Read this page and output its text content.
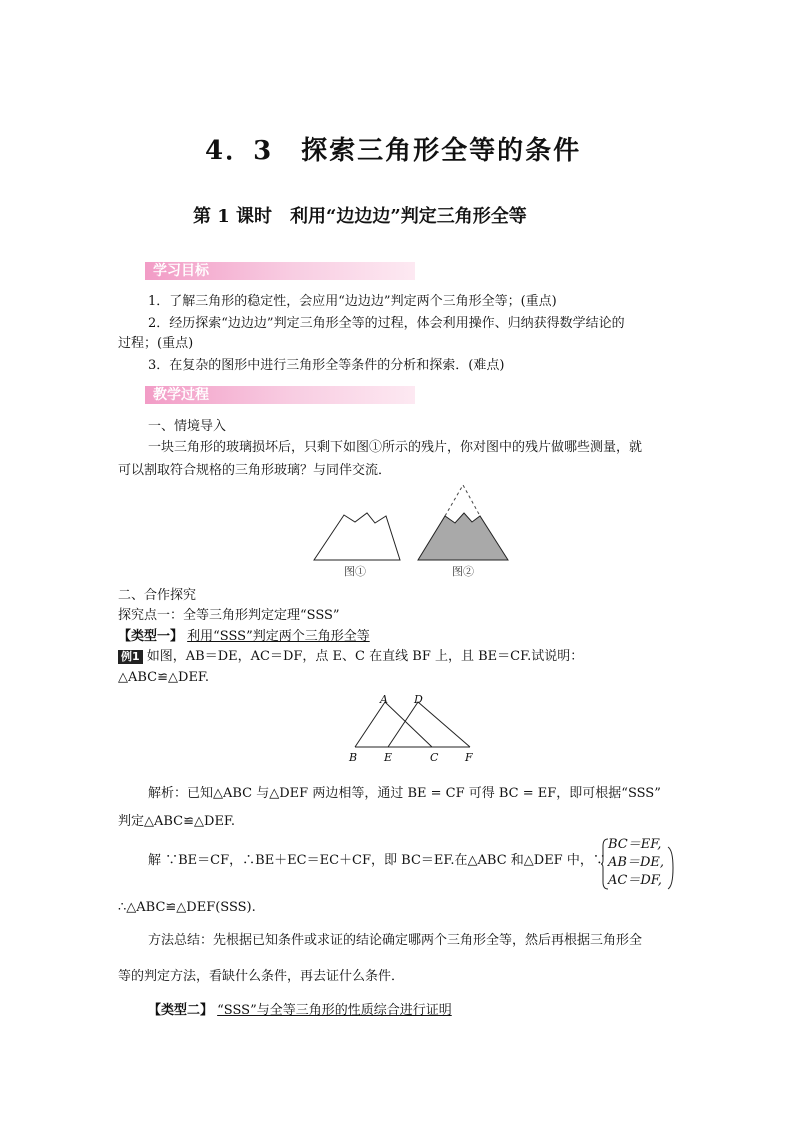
4．3　探索三角形全等的条件
第 1 课时　利用“边边边”判定三角形全等
学习目标
1．了解三角形的稳定性，会应用“边边边”判定两个三角形全等；(重点)
2．经历探索“边边边”判定三角形全等的过程，体会利用操作、归纳获得数学结论的
过程；(重点)
3．在复杂的图形中进行三角形全等条件的分析和探索．(难点)
教学过程
一、情境导入
一块三角形的玻璃损坏后，只剩下如图①所示的残片，你对图中的残片做哪些测量，就
可以割取符合规格的三角形玻璃？与同伴交流．
图①	图②
二、合作探究
探究点一：全等三角形判定定理“SSS”
【类型一】 利用“SSS”判定两个三角形全等
例1 如图，AB＝DE，AC＝DF，点 E、C 在直线 BF 上，且 BE＝CF.试说明：
△ABC≌△DEF.
A D
B E	C F
解析：已知△ABC 与△DEF 两边相等，通过 BE = CF 可得 BC = EF，即可根据“SSS”
判定△ABC≌△DEF.
解 ∵BE＝CF，∴BE＋EC＝EC＋CF，即 BC＝EF.在△ABC 和△DEF 中，∵
BC＝EF,
AB＝DE,
AC＝DF,
∴△ABC≌△DEF(SSS).
方法总结：先根据已知条件或求证的结论确定哪两个三角形全等，然后再根据三角形全
等的判定方法，看缺什么条件，再去证什么条件．
【类型二】 “SSS”与全等三角形的性质综合进行证明
